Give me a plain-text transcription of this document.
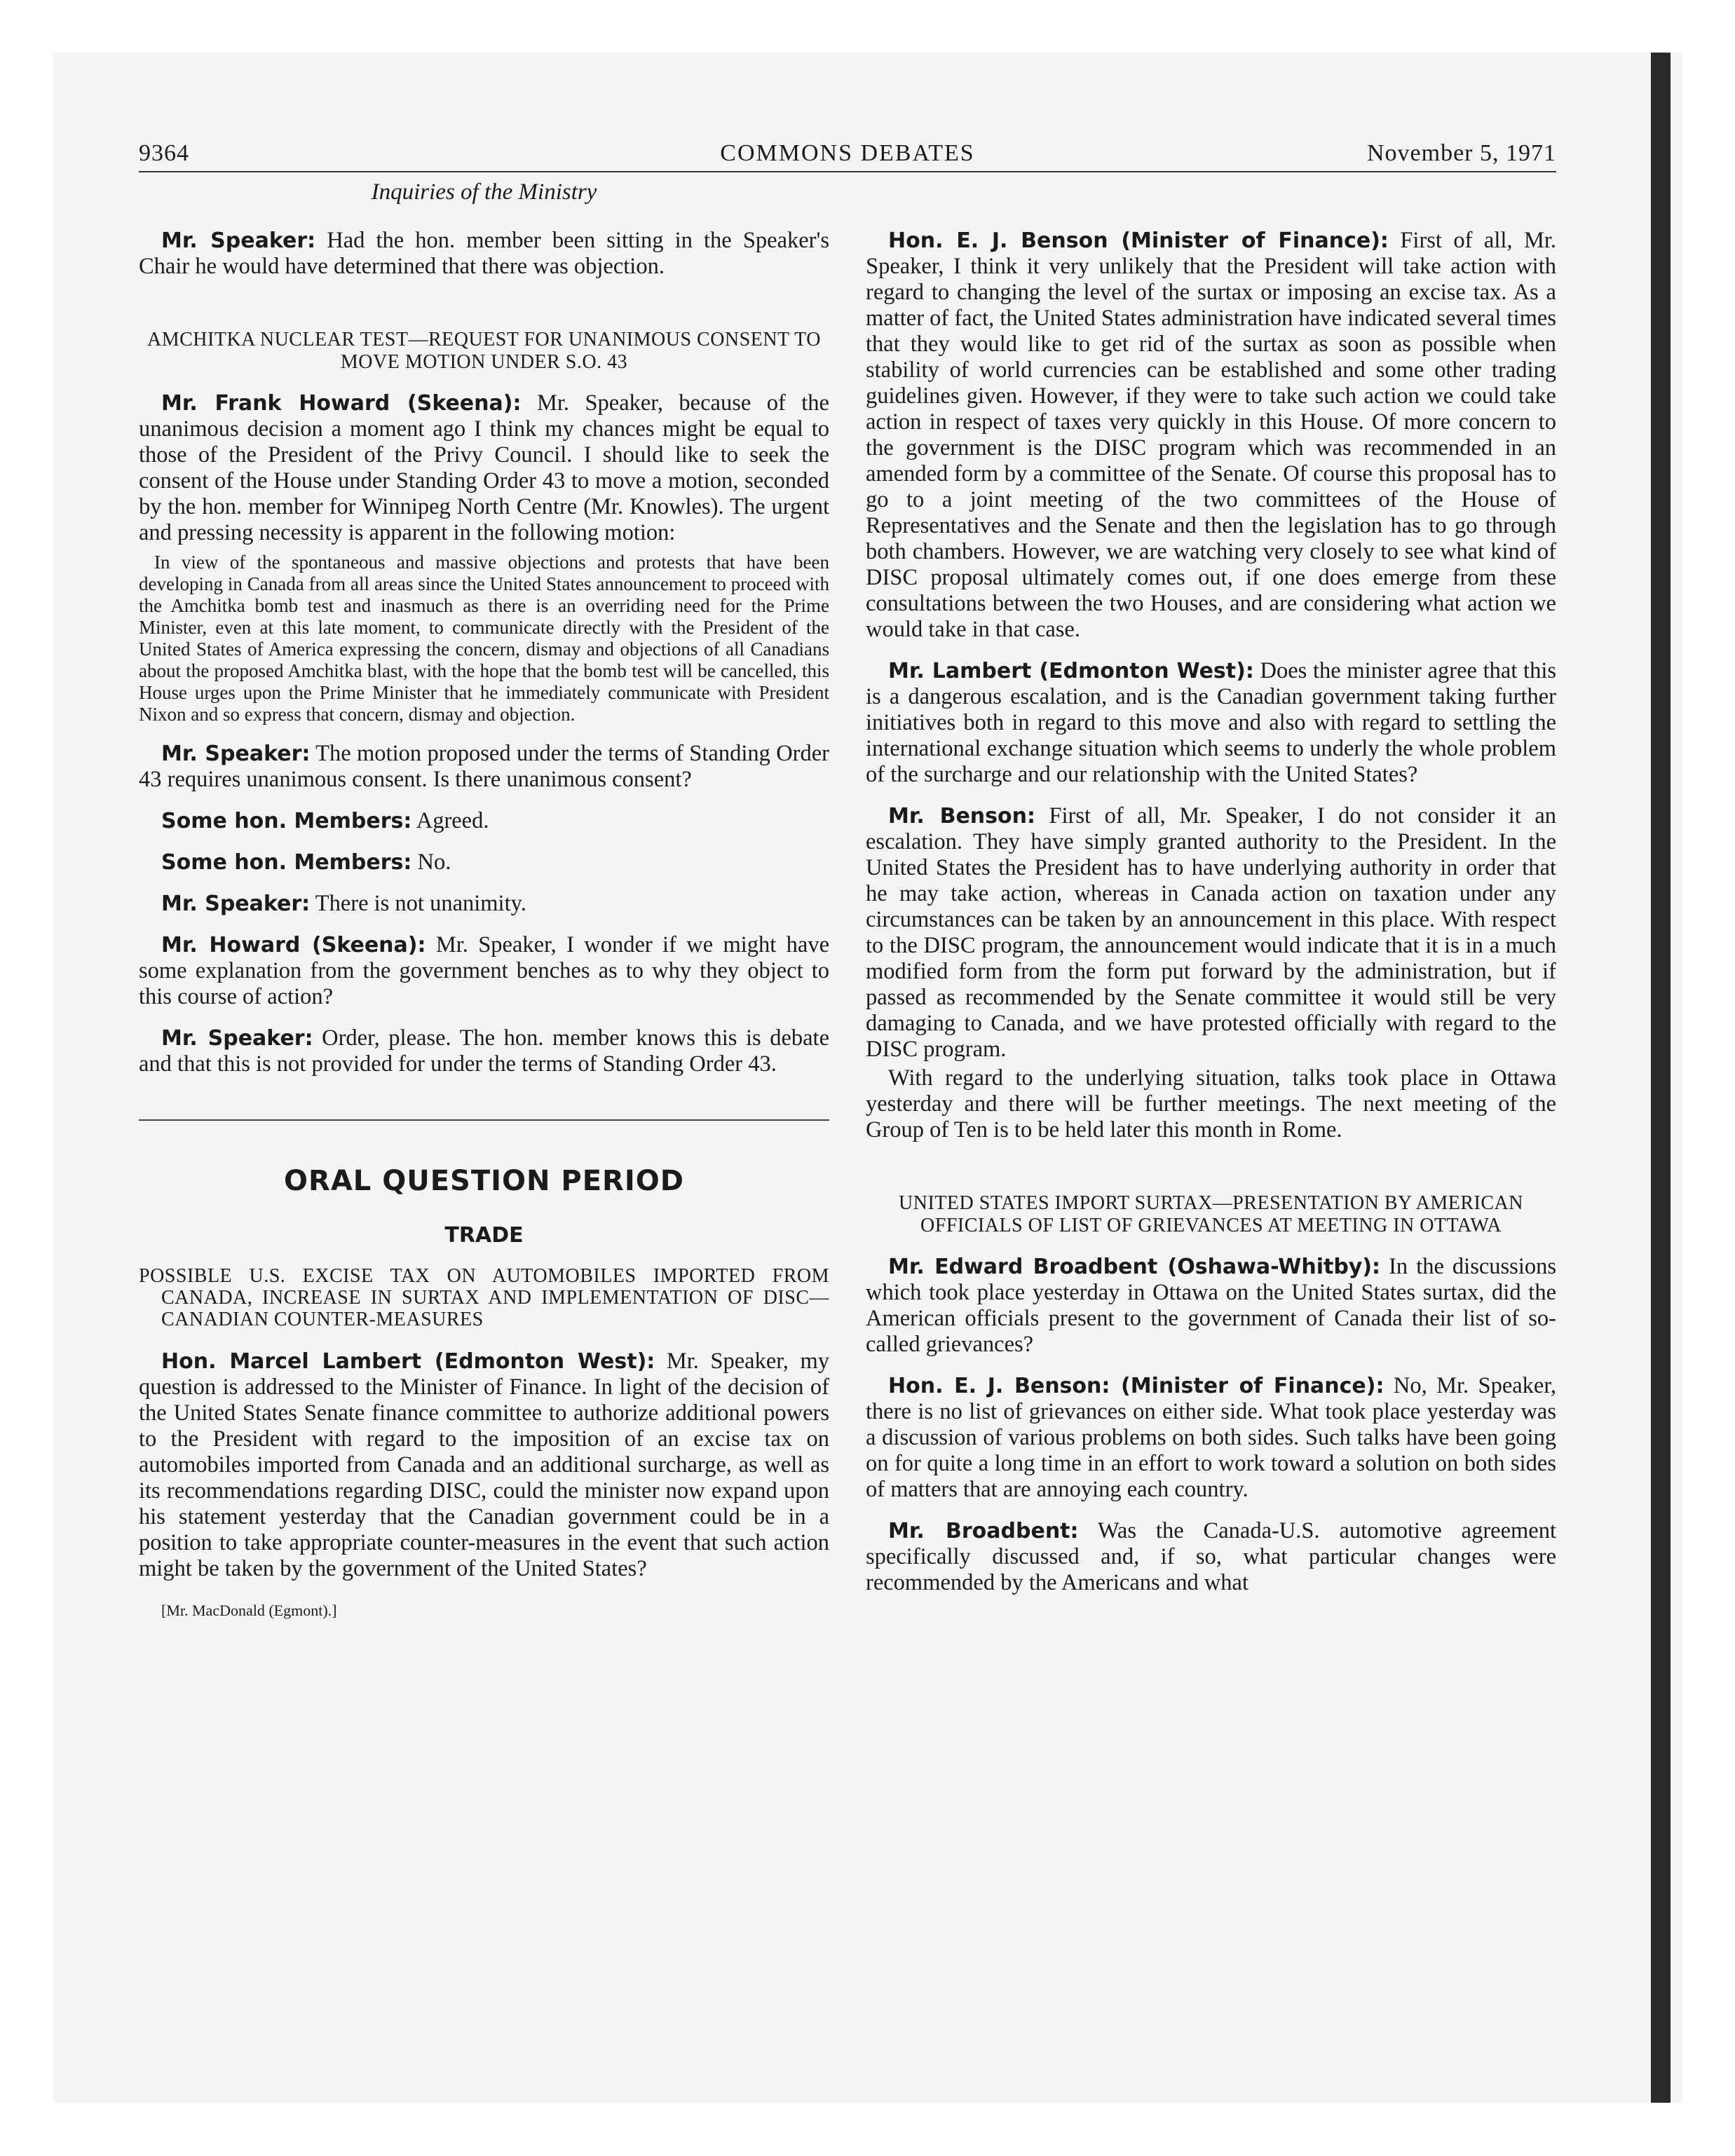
9364	COMMONS DEBATES	November 5, 1971
Inquiries of the Ministry

Mr. Speaker: Had the hon. member been sitting in the Speaker's Chair he would have determined that there was objection.

AMCHITKA NUCLEAR TEST—REQUEST FOR UNANIMOUS CONSENT TO MOVE MOTION UNDER S.O. 43

Mr. Frank Howard (Skeena): Mr. Speaker, because of the unanimous decision a moment ago I think my chances might be equal to those of the President of the Privy Council. I should like to seek the consent of the House under Standing Order 43 to move a motion, seconded by the hon. member for Winnipeg North Centre (Mr. Knowles). The urgent and pressing necessity is apparent in the following motion:

In view of the spontaneous and massive objections and protests that have been developing in Canada from all areas since the United States announcement to proceed with the Amchitka bomb test and inasmuch as there is an overriding need for the Prime Minister, even at this late moment, to communicate directly with the President of the United States of America expressing the concern, dismay and objections of all Canadians about the proposed Amchitka blast, with the hope that the bomb test will be cancelled, this House urges upon the Prime Minister that he immediately communicate with President Nixon and so express that concern, dismay and objection.

Mr. Speaker: The motion proposed under the terms of Standing Order 43 requires unanimous consent. Is there unanimous consent?

Some hon. Members: Agreed.

Some hon. Members: No.

Mr. Speaker: There is not unanimity.

Mr. Howard (Skeena): Mr. Speaker, I wonder if we might have some explanation from the government benches as to why they object to this course of action?

Mr. Speaker: Order, please. The hon. member knows this is debate and that this is not provided for under the terms of Standing Order 43.

ORAL QUESTION PERIOD
TRADE
POSSIBLE U.S. EXCISE TAX ON AUTOMOBILES IMPORTED FROM CANADA, INCREASE IN SURTAX AND IMPLEMENTATION OF DISC—CANADIAN COUNTER-MEASURES

Hon. Marcel Lambert (Edmonton West): Mr. Speaker, my question is addressed to the Minister of Finance. In light of the decision of the United States Senate finance committee to authorize additional powers to the President with regard to the imposition of an excise tax on automobiles imported from Canada and an additional surcharge, as well as its recommendations regarding DISC, could the minister now expand upon his statement yesterday that the Canadian government could be in a position to take appropriate counter-measures in the event that such action might be taken by the government of the United States?

[Mr. MacDonald (Egmont).]

Hon. E. J. Benson (Minister of Finance): First of all, Mr. Speaker, I think it very unlikely that the President will take action with regard to changing the level of the surtax or imposing an excise tax. As a matter of fact, the United States administration have indicated several times that they would like to get rid of the surtax as soon as possible when stability of world currencies can be established and some other trading guidelines given. However, if they were to take such action we could take action in respect of taxes very quickly in this House. Of more concern to the government is the DISC program which was recommended in an amended form by a committee of the Senate. Of course this proposal has to go to a joint meeting of the two committees of the House of Representatives and the Senate and then the legislation has to go through both chambers. However, we are watching very closely to see what kind of DISC proposal ultimately comes out, if one does emerge from these consultations between the two Houses, and are considering what action we would take in that case.

Mr. Lambert (Edmonton West): Does the minister agree that this is a dangerous escalation, and is the Canadian government taking further initiatives both in regard to this move and also with regard to settling the international exchange situation which seems to underly the whole problem of the surcharge and our relationship with the United States?

Mr. Benson: First of all, Mr. Speaker, I do not consider it an escalation. They have simply granted authority to the President. In the United States the President has to have underlying authority in order that he may take action, whereas in Canada action on taxation under any circumstances can be taken by an announcement in this place. With respect to the DISC program, the announcement would indicate that it is in a much modified form from the form put forward by the administration, but if passed as recommended by the Senate committee it would still be very damaging to Canada, and we have protested officially with regard to the DISC program.

With regard to the underlying situation, talks took place in Ottawa yesterday and there will be further meetings. The next meeting of the Group of Ten is to be held later this month in Rome.

UNITED STATES IMPORT SURTAX—PRESENTATION BY AMERICAN OFFICIALS OF LIST OF GRIEVANCES AT MEETING IN OTTAWA

Mr. Edward Broadbent (Oshawa-Whitby): In the discussions which took place yesterday in Ottawa on the United States surtax, did the American officials present to the government of Canada their list of so-called grievances?

Hon. E. J. Benson: (Minister of Finance): No, Mr. Speaker, there is no list of grievances on either side. What took place yesterday was a discussion of various problems on both sides. Such talks have been going on for quite a long time in an effort to work toward a solution on both sides of matters that are annoying each country.

Mr. Broadbent: Was the Canada-U.S. automotive agreement specifically discussed and, if so, what particular changes were recommended by the Americans and what
